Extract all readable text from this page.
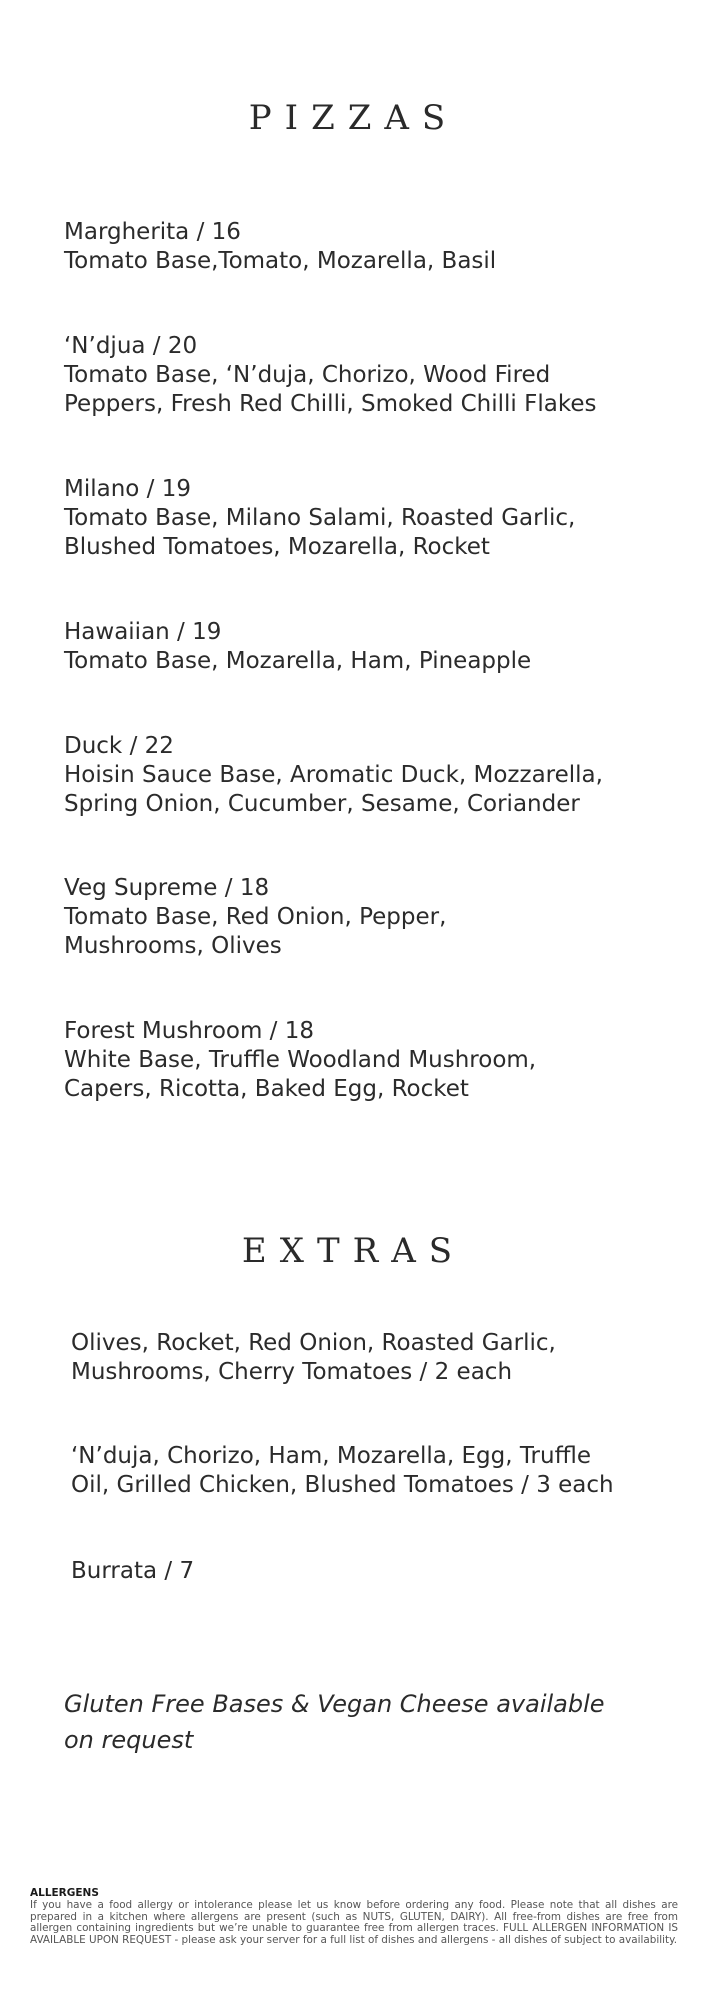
PIZZAS
Margherita / 16
Tomato Base,Tomato, Mozarella, Basil
‘N’djua / 20
Tomato Base, ‘N’duja, Chorizo, Wood Fired
Peppers, Fresh Red Chilli, Smoked Chilli Flakes
Milano / 19
Tomato Base, Milano Salami, Roasted Garlic,
Blushed Tomatoes, Mozarella, Rocket
Hawaiian / 19
Tomato Base, Mozarella, Ham, Pineapple
Duck / 22
Hoisin Sauce Base, Aromatic Duck, Mozzarella,
Spring Onion, Cucumber, Sesame, Coriander
Veg Supreme / 18
Tomato Base, Red Onion, Pepper,
Mushrooms, Olives
Forest Mushroom / 18
White Base, Truffle Woodland Mushroom,
Capers, Ricotta, Baked Egg, Rocket
EXTRAS
Olives, Rocket, Red Onion, Roasted Garlic,
Mushrooms, Cherry Tomatoes / 2 each
‘N’duja, Chorizo, Ham, Mozarella, Egg, Truffle
Oil, Grilled Chicken, Blushed Tomatoes / 3 each
Burrata / 7
Gluten Free Bases & Vegan Cheese available
on request
ALLERGENS
If you have a food allergy or intolerance please let us know before ordering any food. Please note that all dishes are prepared in a kitchen where allergens are present (such as NUTS, GLUTEN, DAIRY). All free-from dishes are free from allergen containing ingredients but we’re unable to guarantee free from allergen traces. FULL ALLERGEN INFORMATION IS AVAILABLE UPON REQUEST - please ask your server for a full list of dishes and allergens - all dishes of subject to availability.
